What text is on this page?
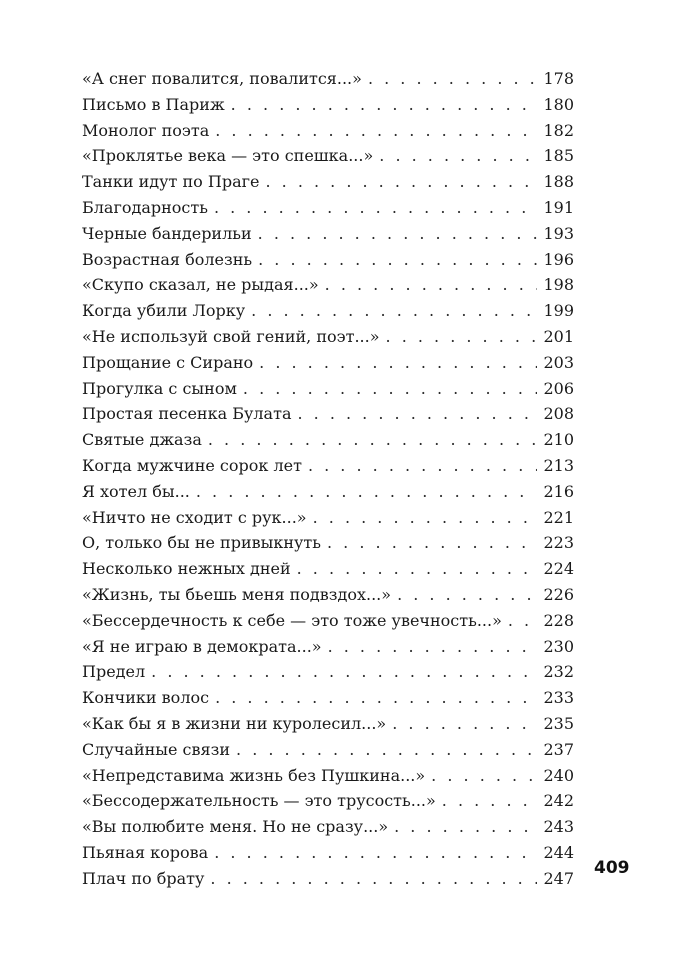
«А снег повалится, повалится...» . . .	178
Письмо в Париж . . .	180
Монолог поэта . . .	182
«Проклятье века — это спешка...» . . .	185
Танки идут по Праге . . .	188
Благодарность . . .	191
Черные бандерильи . . .	193
Возрастная болезнь . . .	196
«Скупо сказал, не рыдая...» . . .	198
Когда убили Лорку . . .	199
«Не используй свой гений, поэт...» . . .	201
Прощание с Сирано . . .	203
Прогулка с сыном . . .	206
Простая песенка Булата . . .	208
Святые джаза . . .	210
Когда мужчине сорок лет . . .	213
Я хотел бы... . . .	216
«Ничто не сходит с рук...» . . .	221
О, только бы не привыкнуть . . .	223
Несколько нежных дней . . .	224
«Жизнь, ты бьешь меня подвздох...» . . .	226
«Бессердечность к себе — это тоже увечность...» . . .	228
«Я не играю в демократа...» . . .	230
Предел . . .	232
Кончики волос . . .	233
«Как бы я в жизни ни куролесил...» . . .	235
Случайные связи . . .	237
«Непредставима жизнь без Пушкина...» . . .	240
«Бессодержательность — это трусость...» . . .	242
«Вы полюбите меня. Но не сразу...» . . .	243
Пьяная корова . . .	244
Плач по брату . . .	247
409
